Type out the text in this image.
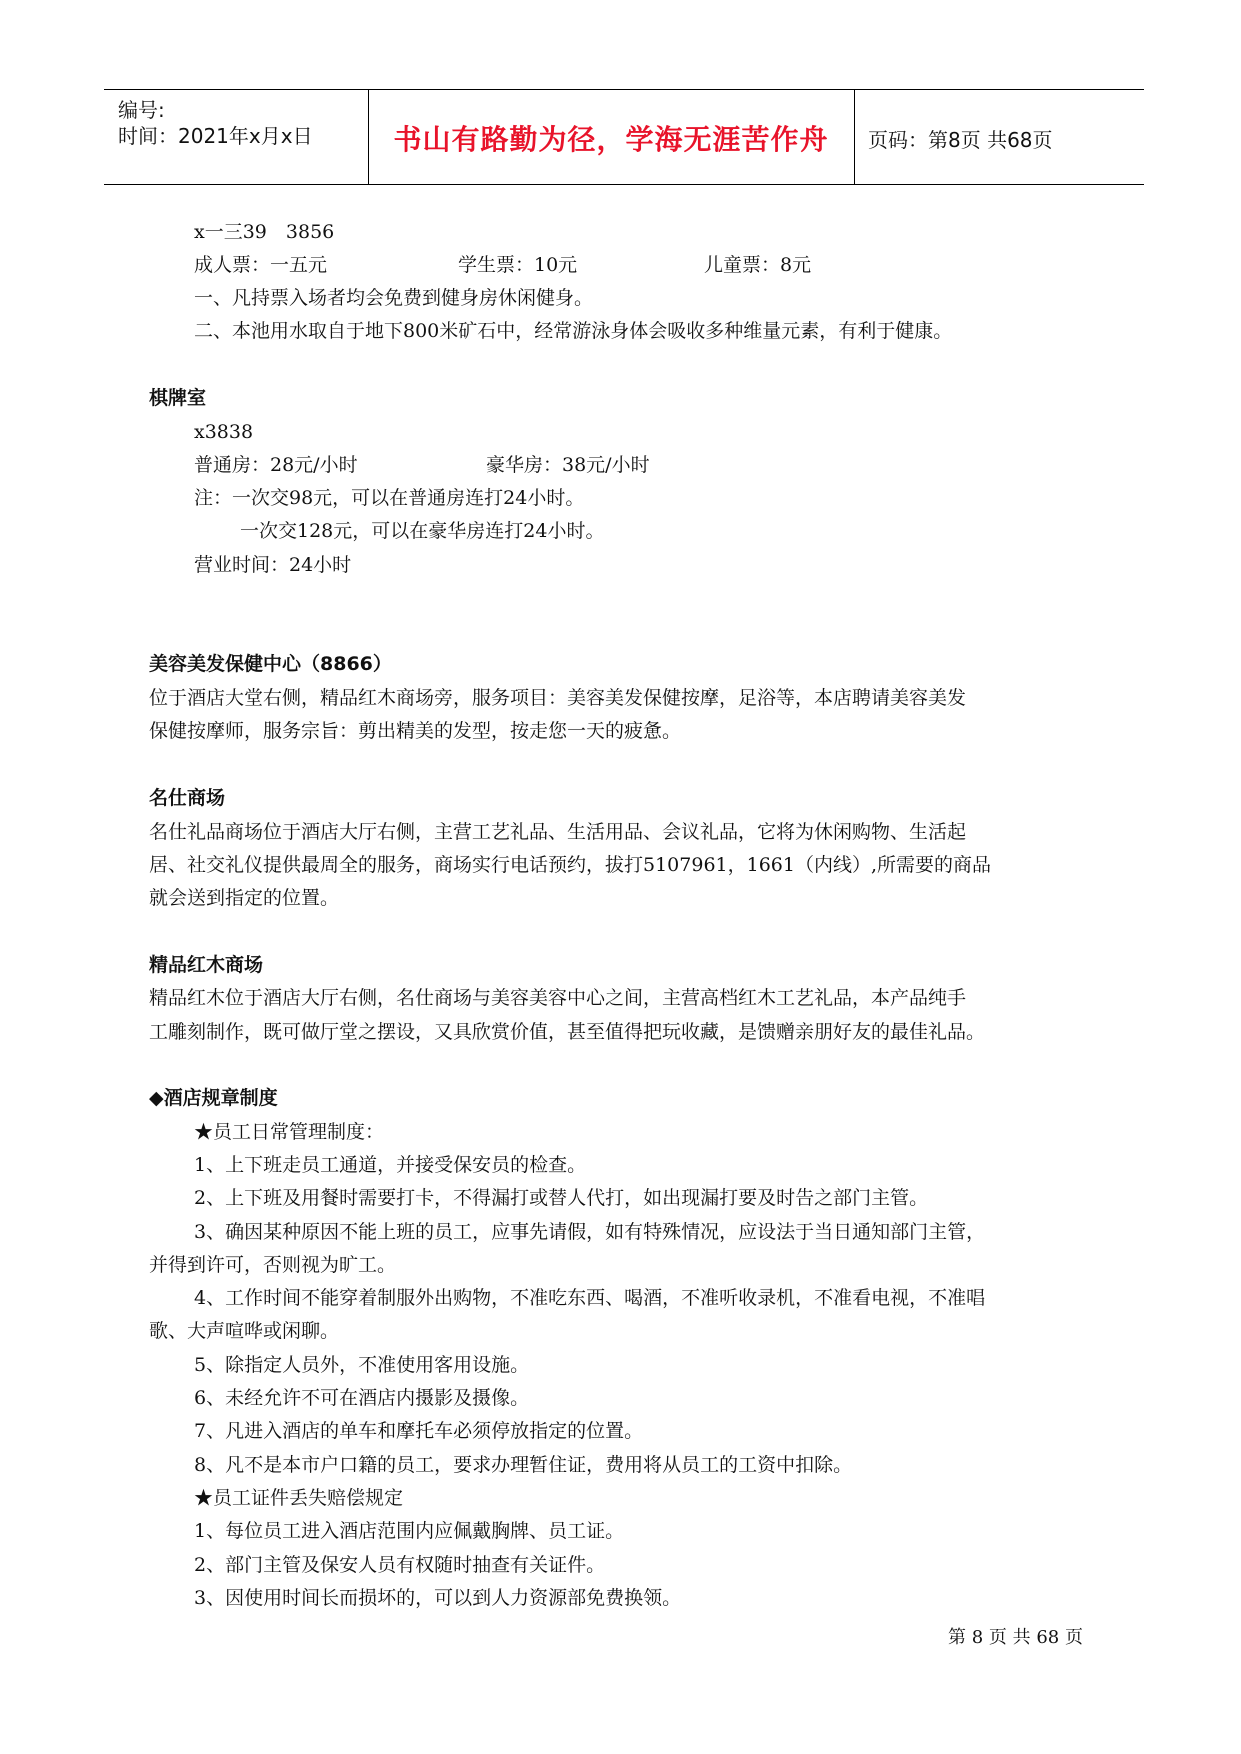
编号:
时间：2021年x月x日	书山有路勤为径，学海无涯苦作舟	页码：第8页 共68页
x一三39　3856
成人票：一五元	学生票：10元	儿童票：8元
一、凡持票入场者均会免费到健身房休闲健身。
二、本池用水取自于地下800米矿石中，经常游泳身体会吸收多种维量元素，有利于健康。
棋牌室
x3838
普通房：28元/小时	豪华房：38元/小时
注：一次交98元，可以在普通房连打24小时。
一次交128元，可以在豪华房连打24小时。
营业时间：24小时
美容美发保健中心（8866）
位于酒店大堂右侧，精品红木商场旁，服务项目：美容美发保健按摩，足浴等，本店聘请美容美发
保健按摩师，服务宗旨：剪出精美的发型，按走您一天的疲惫。
名仕商场
名仕礼品商场位于酒店大厅右侧，主营工艺礼品、生活用品、会议礼品，它将为休闲购物、生活起
居、社交礼仪提供最周全的服务，商场实行电话预约，拔打5107961，1661（内线）,所需要的商品
就会送到指定的位置。
精品红木商场
精品红木位于酒店大厅右侧，名仕商场与美容美容中心之间，主营高档红木工艺礼品，本产品纯手
工雕刻制作，既可做厅堂之摆设，又具欣赏价值，甚至值得把玩收藏，是馈赠亲朋好友的最佳礼品。
◆酒店规章制度
★员工日常管理制度：
1、上下班走员工通道，并接受保安员的检查。
2、上下班及用餐时需要打卡，不得漏打或替人代打，如出现漏打要及时告之部门主管。
3、确因某种原因不能上班的员工，应事先请假，如有特殊情况，应设法于当日通知部门主管，
并得到许可，否则视为旷工。
4、工作时间不能穿着制服外出购物，不准吃东西、喝酒，不准听收录机，不准看电视，不准唱
歌、大声喧哗或闲聊。
5、除指定人员外，不准使用客用设施。
6、未经允许不可在酒店内摄影及摄像。
7、凡进入酒店的单车和摩托车必须停放指定的位置。
8、凡不是本市户口籍的员工，要求办理暂住证，费用将从员工的工资中扣除。
★员工证件丢失赔偿规定
1、每位员工进入酒店范围内应佩戴胸牌、员工证。
2、部门主管及保安人员有权随时抽查有关证件。
3、因使用时间长而损坏的，可以到人力资源部免费换领。
第 8 页 共 68 页
